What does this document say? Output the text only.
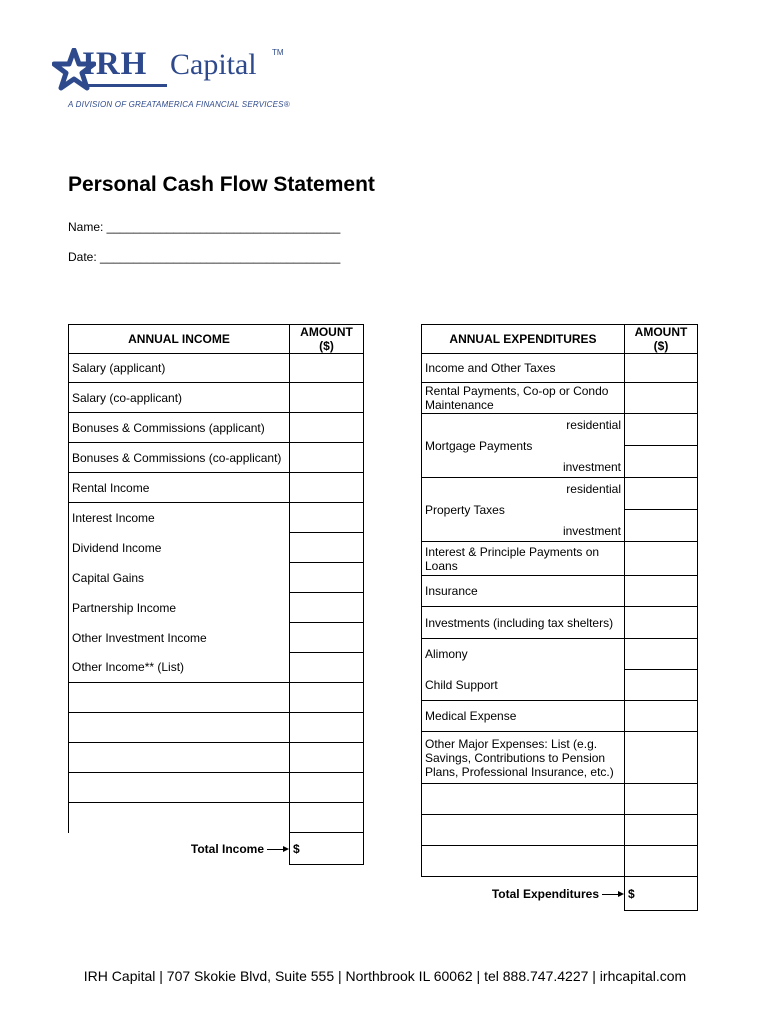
IRH Capital TM
A DIVISION OF GREATAMERICA FINANCIAL SERVICES®
Personal Cash Flow Statement
Name: ___________________________________
Date: ____________________________________
ANNUAL INCOME	AMOUNT ($)
Salary (applicant)	
Salary (co-applicant)	
Bonuses & Commissions (applicant)	
Bonuses & Commissions (co-applicant)	
Rental Income	
Interest Income	
Dividend Income	
Capital Gains	
Partnership Income	
Other Investment Income	
Other Income** (List)	

Total Income	$
ANNUAL EXPENDITURES	AMOUNT ($)
Income and Other Taxes	
Rental Payments, Co-op or Condo Maintenance	

Mortgage Payments
residential
investment	

Property Taxes
residential
investment	

Interest & Principle Payments on Loans	
Insurance	
Investments (including tax shelters)	
Alimony	
Child Support	
Medical Expense	
Other Major Expenses: List (e.g. Savings, Contributions to Pension Plans, Professional Insurance, etc.)	

Total Expenditures	$
IRH Capital | 707 Skokie Blvd, Suite 555 | Northbrook IL 60062 | tel 888.747.4227 | irhcapital.com
